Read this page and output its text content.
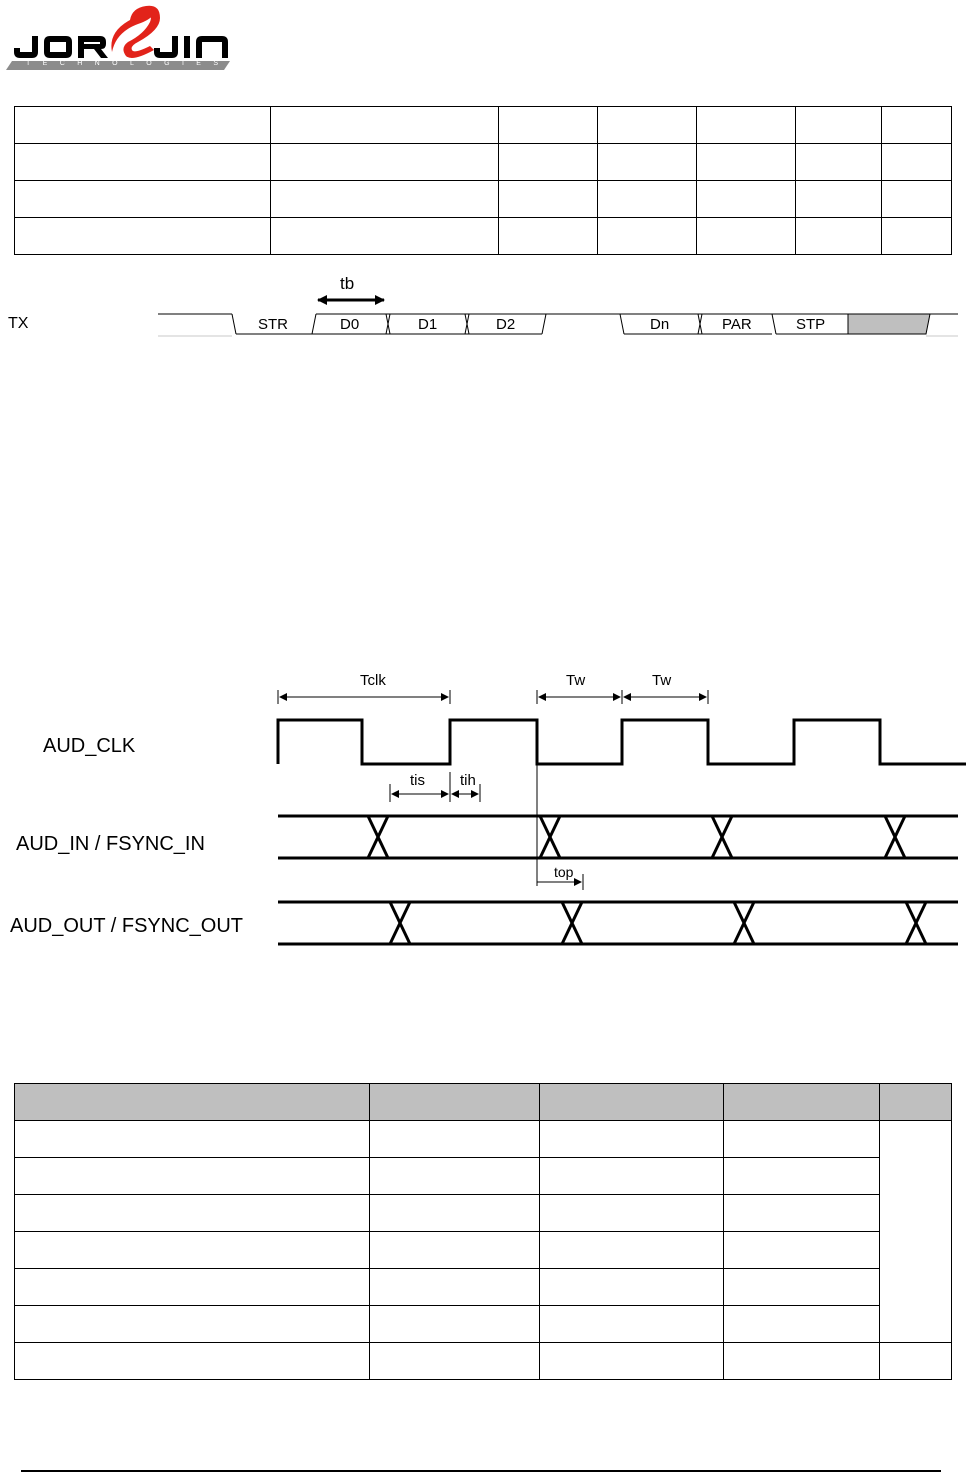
TECHNOLOGIES

TX
tb
STR	D0	D1	D2	Dn	PAR	STP
Tclk	Tw	Tw
tis tih
top
AUD_CLK
AUD_IN / FSYNC_IN
AUD_OUT / FSYNC_OUT
